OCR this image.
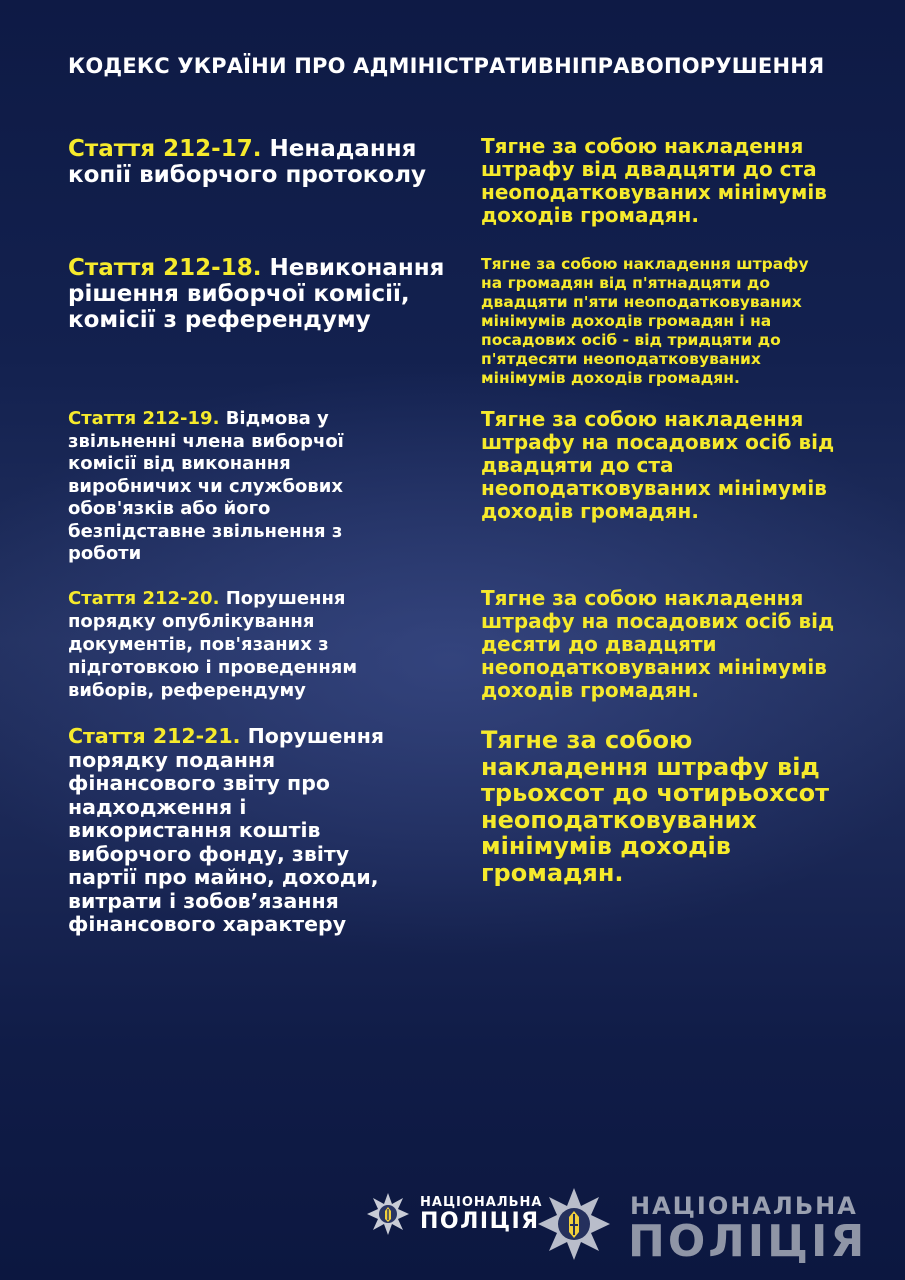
КОДЕКС УКРАЇНИ ПРО АДМІНІСТРАТИВНІПРАВОПОРУШЕННЯ
Стаття 212-17. Ненадання
копії виборчого протоколу
Тягне за собою накладення
штрафу від двадцяти до ста
неоподатковуваних мінімумів
доходів громадян.
Стаття 212-18. Невиконання
рішення виборчої комісії,
комісії з референдуму
Тягне за собою накладення штрафу
на громадян від п'ятнадцяти до
двадцяти п'яти неоподатковуваних
мінімумів доходів громадян і на
посадових осіб - від тридцяти до
п'ятдесяти неоподатковуваних
мінімумів доходів громадян.
Стаття 212-19. Відмова у
звільненні члена виборчої
комісії від виконання
виробничих чи службових
обов'язків або його
безпідставне звільнення з
роботи
Тягне за собою накладення
штрафу на посадових осіб від
двадцяти до ста
неоподатковуваних мінімумів
доходів громадян.
Стаття 212-20. Порушення
порядку опублікування
документів, пов'язаних з
підготовкою і проведенням
виборів, референдуму
Тягне за собою накладення
штрафу на посадових осіб від
десяти до двадцяти
неоподатковуваних мінімумів
доходів громадян.
Стаття 212-21. Порушення
порядку подання
фінансового звіту про
надходження і
використання коштів
виборчого фонду, звіту
партії про майно, доходи,
витрати і зобов’язання
фінансового характеру
Тягне за собою
накладення штрафу від
трьохсот до чотирьохсот
неоподатковуваних
мінімумів доходів
громадян.
НАЦІОНАЛЬНА
ПОЛІЦІЯ
НАЦІОНАЛЬНА
ПОЛІЦІЯ
